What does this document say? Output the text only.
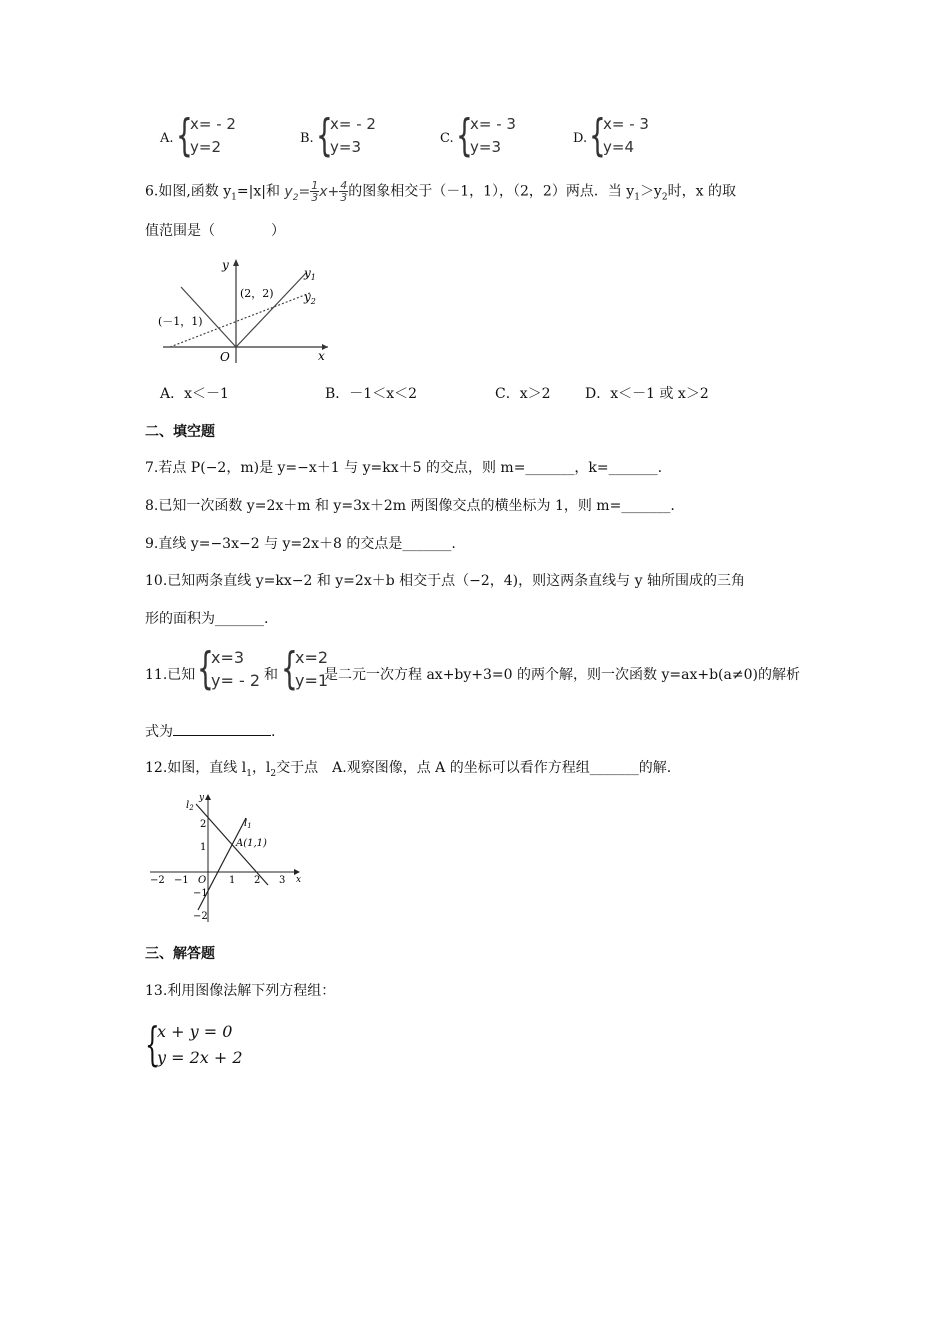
A. {
x= - 2
y=2	B. {
x= - 2
y=3	C. {
x= - 3
y=3	D. {
x= - 3
y=4
6.如图,函数 $y_1=|x|$和 $y_2= \frac{1}{3} x+ \frac{4}{3}$ 的图象相交于（－1，1），（2，2）两点．当 $y_1>y_2$时，x 的取
值范围是（　　　　）
y
x
O
$y_1$
$y_2$
(2，2)
(－1，1)
A．x＜－1	B．－1＜x＜2	C．x＞2 D．x＜－1 或 x＞2
二、填空题
7.若点 P(−2，m)是 y=−x＋1 与 y=kx＋5 的交点，则 m=_______，k=_______.
8.已知一次函数 y=2x＋m 和 y=3x＋2m 两图像交点的横坐标为 1，则 m=_______.
9.直线 y=−3x−2 与 y=2x＋8 的交点是_______.
10.已知两条直线 y=kx−2 和 y=2x＋b 相交于点（−2，4)，则这两条直线与 y 轴所围成的三角
形的面积为_______.
11.已知 {
x=3
y= - 2 和 {
x=2
y=1
是二元一次方程 ax+by+3=0 的两个解，则一次函数 y=ax+b(a≠0)的解析
式为	.
12.如图，直线 $l_1$，$l_2$交于点　A.观察图像，点 A 的坐标可以看作方程组_______的解.
$l_1$
$l_2$
y
x
A(1,1)
O
−2 −1	1 2 3
2
1
−1
−2
三、解答题
13.利用图像法解下列方程组：
{
x + y = 0
y = 2x + 2
